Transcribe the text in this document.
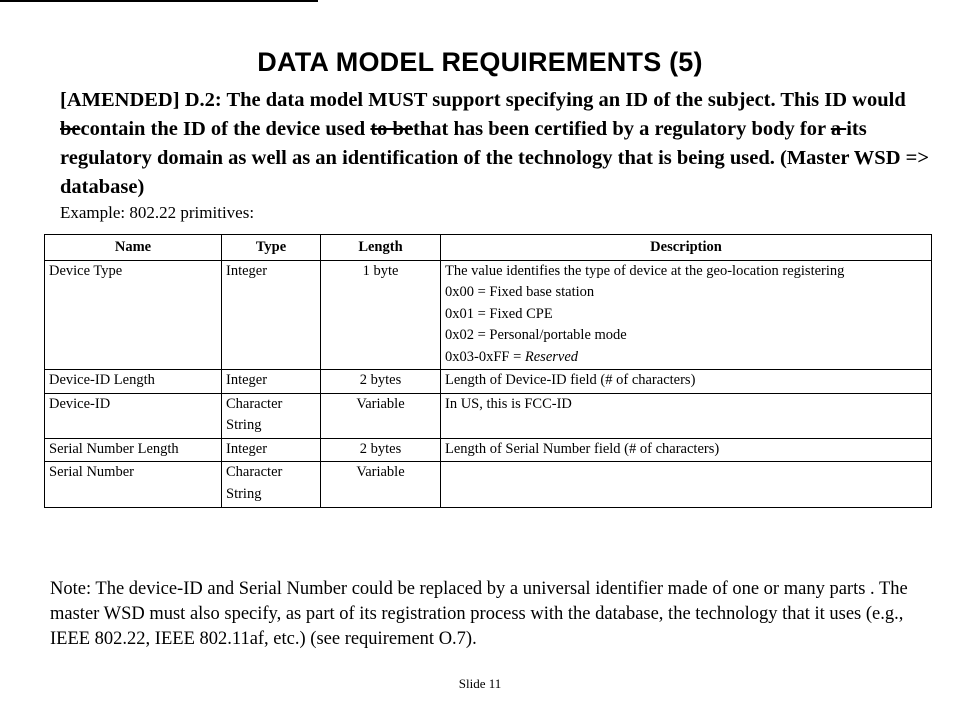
DATA MODEL REQUIREMENTS (5)

[AMENDED] D.2: The data model MUST support specifying an ID of the subject. This ID would becontain the ID of the device used to bethat has been certified by a regulatory body for a its regulatory domain as well as an identification of the technology that is being used. (Master WSD => database)

Example: 802.22 primitives:

Name	Type	Length	Description
Device Type	Integer	1 byte	The value identifies the type of device at the geo-location registering
0x00 = Fixed base station
0x01 = Fixed CPE
0x02 = Personal/portable mode
0x03-0xFF = Reserved

Device-ID Length	Integer	2 bytes	Length of Device-ID field (# of characters)
Device-ID	Character String	Variable	In US, this is FCC-ID
Serial Number Length	Integer	2 bytes	Length of Serial Number field (# of characters)
Serial Number	Character String	Variable	

Note: The device-ID and Serial Number could be replaced by a universal identifier made of one or many parts . The master WSD must also specify, as part of its registration process with the database, the technology that it uses (e.g., IEEE 802.22, IEEE 802.11af, etc.) (see requirement O.7).

Slide 11
